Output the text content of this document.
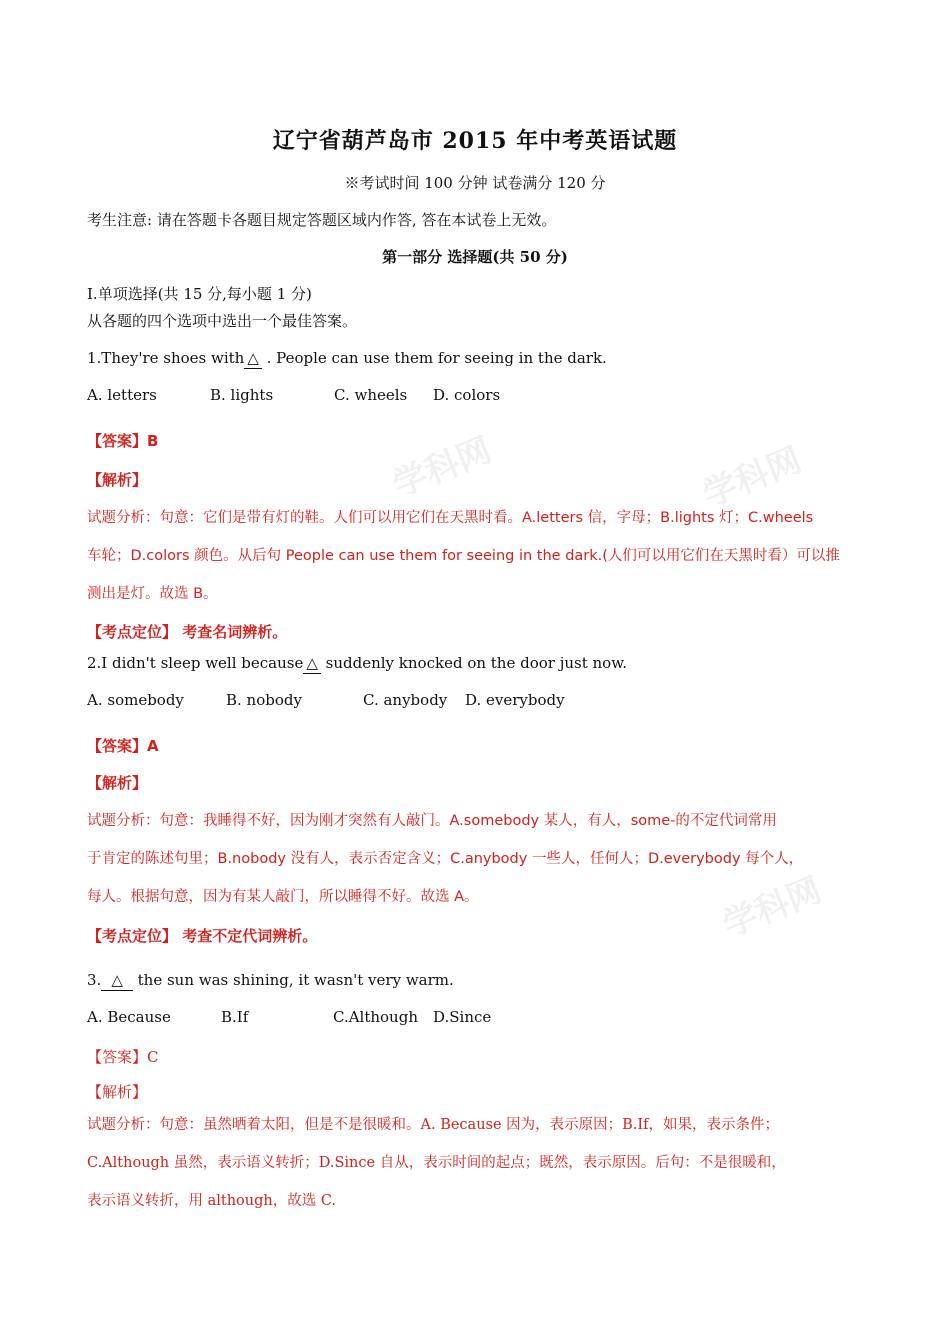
学科网	学科网
学科网
辽宁省葫芦岛市 2015 年中考英语试题
※考试时间 100 分钟 试卷满分 120 分
考生注意: 请在答题卡各题目规定答题区域内作答, 答在本试卷上无效。
第一部分 选择题(共 50 分)
I.单项选择(共 15 分,每小题 1 分)
从各题的四个选项中选出一个最佳答案。
1.They're shoes with △ . People can use them for seeing in the dark.
A. letters	B. lights	C. wheels D. colors
【答案】B
【解析】
试题分析：句意：它们是带有灯的鞋。人们可以用它们在天黑时看。A.letters 信，字母；B.lights 灯；C.wheels
车轮；D.colors 颜色。从后句 People can use them for seeing in the dark.(人们可以用它们在天黑时看）可以推
测出是灯。故选 B。
【考点定位】 考查名词辨析。
2.I didn't sleep well because △ suddenly knocked on the door just now.
A. somebody	B. nobody	C. anybody D. everybody
【答案】A
【解析】
试题分析：句意：我睡得不好，因为刚才突然有人敲门。A.somebody 某人，有人，some-的不定代词常用
于肯定的陈述句里；B.nobody 没有人，表示否定含义；C.anybody 一些人，任何人；D.everybody 每个人，
每人。根据句意，因为有某人敲门，所以睡得不好。故选 A。
【考点定位】 考查不定代词辨析。
3. △ the sun was shining, it wasn't very warm.
A. Because	B.If	C.Although D.Since
【答案】C
【解析】
试题分析：句意：虽然晒着太阳，但是不是很暖和。A. Because 因为，表示原因；B.If，如果，表示条件；
C.Although 虽然，表示语义转折；D.Since 自从，表示时间的起点；既然，表示原因。后句：不是很暖和，
表示语义转折，用 although，故选 C.
